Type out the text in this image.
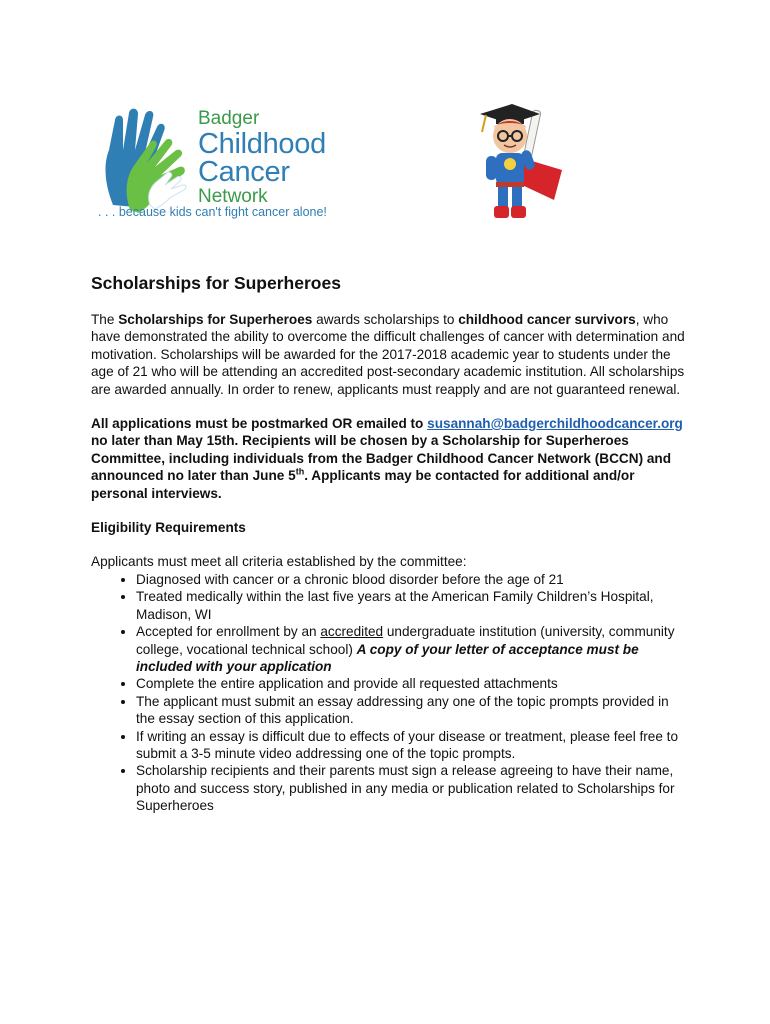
Badger
Childhood
Cancer
Network
. . . because kids can't fight cancer alone!
Scholarships for Superheroes

The Scholarships for Superheroes awards scholarships to childhood cancer survivors, who have demonstrated the ability to overcome the difficult challenges of cancer with determination and motivation. Scholarships will be awarded for the 2017-2018 academic year to students under the age of 21 who will be attending an accredited post-secondary academic institution. All scholarships are awarded annually. In order to renew, applicants must reapply and are not guaranteed renewal.

All applications must be postmarked OR emailed to susannah@badgerchildhoodcancer.org no later than May 15th. Recipients will be chosen by a Scholarship for Superheroes Committee, including individuals from the Badger Childhood Cancer Network (BCCN) and announced no later than June 5th. Applicants may be contacted for additional and/or personal interviews.

Eligibility Requirements
Applicants must meet all criteria established by the committee:
• Diagnosed with cancer or a chronic blood disorder before the age of 21
• Treated medically within the last five years at the American Family Children’s Hospital, Madison, WI
• Accepted for enrollment by an accredited undergraduate institution (university, community college, vocational technical school) A copy of your letter of acceptance must be included with your application
• Complete the entire application and provide all requested attachments
• The applicant must submit an essay addressing any one of the topic prompts provided in the essay section of this application.
• If writing an essay is difficult due to effects of your disease or treatment, please feel free to submit a 3-5 minute video addressing one of the topic prompts.
• Scholarship recipients and their parents must sign a release agreeing to have their name, photo and success story, published in any media or publication related to Scholarships for Superheroes
